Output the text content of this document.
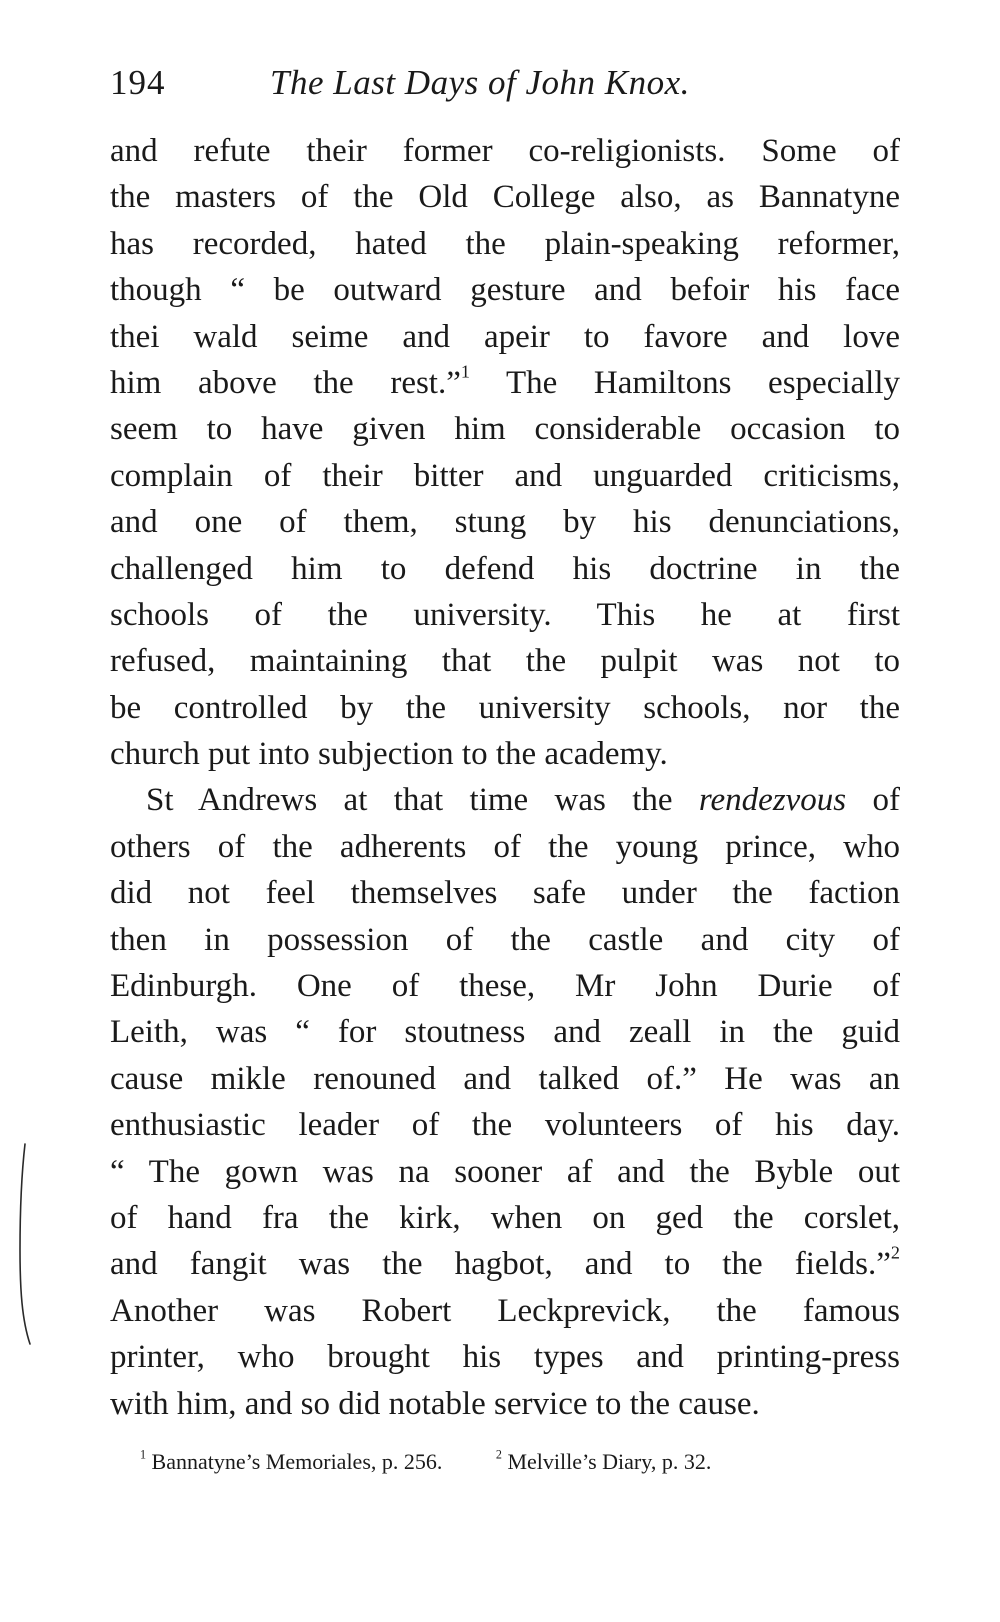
194	The Last Days of John Knox.
and refute their former co-religionists. Some of
the masters of the Old College also, as Bannatyne
has recorded, hated the plain-speaking reformer,
though “ be outward gesture and befoir his face
thei wald seime and apeir to favore and love
him above the rest.”$^1$ The Hamiltons especially
seem to have given him considerable occasion to
complain of their bitter and unguarded criticisms,
and one of them, stung by his denunciations,
challenged him to defend his doctrine in the
schools of the university. This he at first
refused, maintaining that the pulpit was not to
be controlled by the university schools, nor the
church put into subjection to the academy.
St Andrews at that time was the rendezvous of
others of the adherents of the young prince, who
did not feel themselves safe under the faction
then in possession of the castle and city of
Edinburgh. One of these, Mr John Durie of
Leith, was “ for stoutness and zeall in the guid
cause mikle renouned and talked of.” He was an
enthusiastic leader of the volunteers of his day.
“ The gown was na sooner af and the Byble out
of hand fra the kirk, when on ged the corslet,
and fangit was the hagbot, and to the fields.”$^2$
Another was Robert Leckprevick, the famous
printer, who brought his types and printing-press
with him, and so did notable service to the cause.
$^1$ Bannatyne’s Memoriales, p. 256.	$^2$ Melville’s Diary, p. 32.
